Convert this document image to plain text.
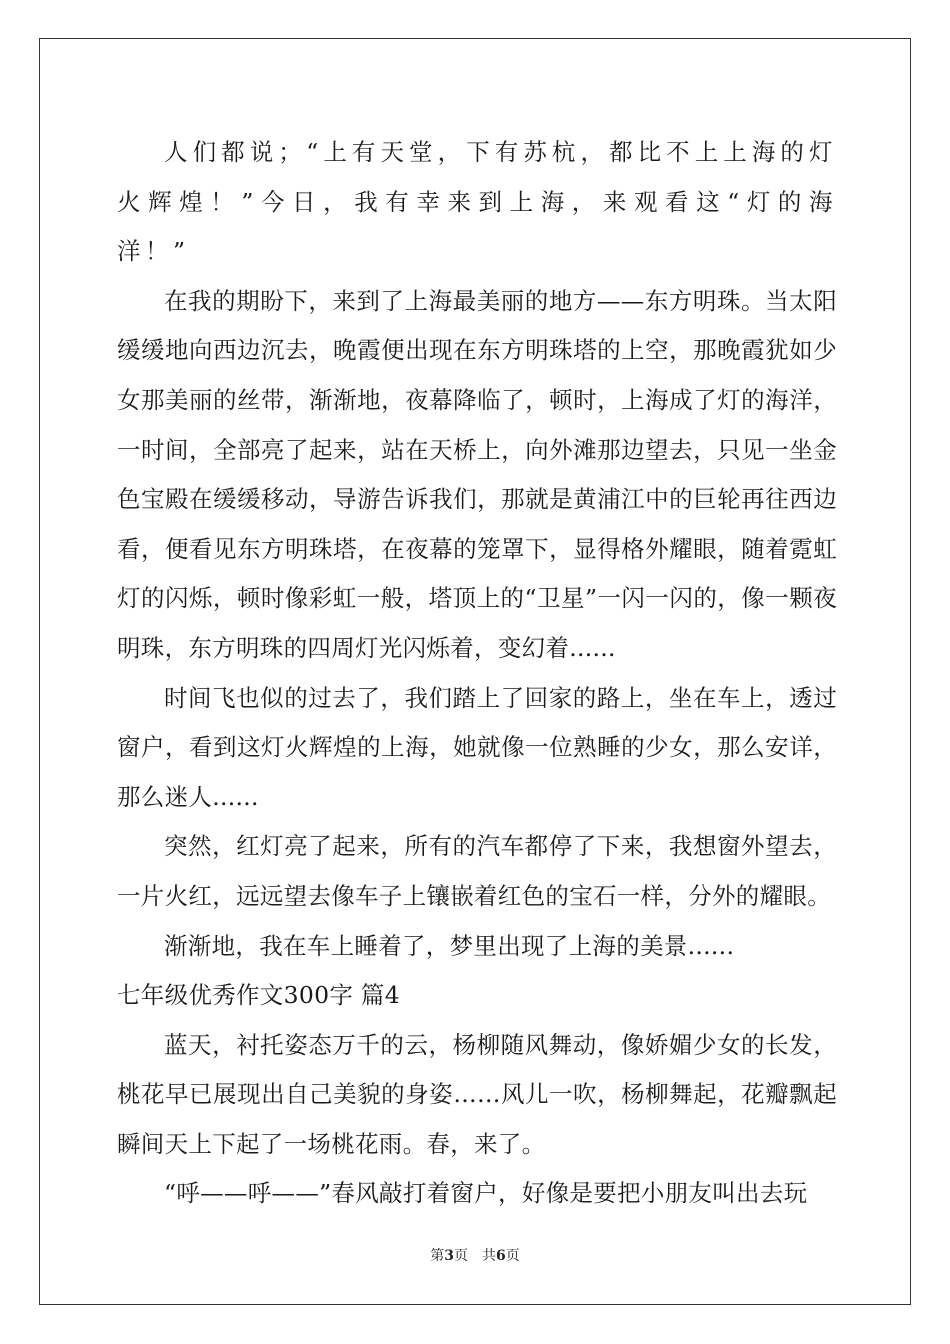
人们都说；“上有天堂，下有苏杭，都比不上上海的灯火辉煌！”今日，我有幸来到上海，来观看这“灯的海洋！”

在我的期盼下，来到了上海最美丽的地方——东方明珠。当太阳缓缓地向西边沉去，晚霞便出现在东方明珠塔的上空，那晚霞犹如少女那美丽的丝带，渐渐地，夜幕降临了，顿时，上海成了灯的海洋，一时间，全部亮了起来，站在天桥上，向外滩那边望去，只见一坐金色宝殿在缓缓移动，导游告诉我们，那就是黄浦江中的巨轮再往西边看，便看见东方明珠塔，在夜幕的笼罩下，显得格外耀眼，随着霓虹灯的闪烁，顿时像彩虹一般，塔顶上的“卫星”一闪一闪的，像一颗夜明珠，东方明珠的四周灯光闪烁着，变幻着......

时间飞也似的过去了，我们踏上了回家的路上，坐在车上，透过窗户，看到这灯火辉煌的上海，她就像一位熟睡的少女，那么安详，那么迷人......

突然，红灯亮了起来，所有的汽车都停了下来，我想窗外望去，一片火红，远远望去像车子上镶嵌着红色的宝石一样，分外的耀眼。

渐渐地，我在车上睡着了，梦里出现了上海的美景......

七年级优秀作文300字 篇4

蓝天，衬托姿态万千的云，杨柳随风舞动，像娇媚少女的长发，桃花早已展现出自己美貌的身姿……风儿一吹，杨柳舞起，花瓣飘起瞬间天上下起了一场桃花雨。春，来了。

“呼——呼——”春风敲打着窗户，好像是要把小朋友叫出去玩

第3页 共6页
